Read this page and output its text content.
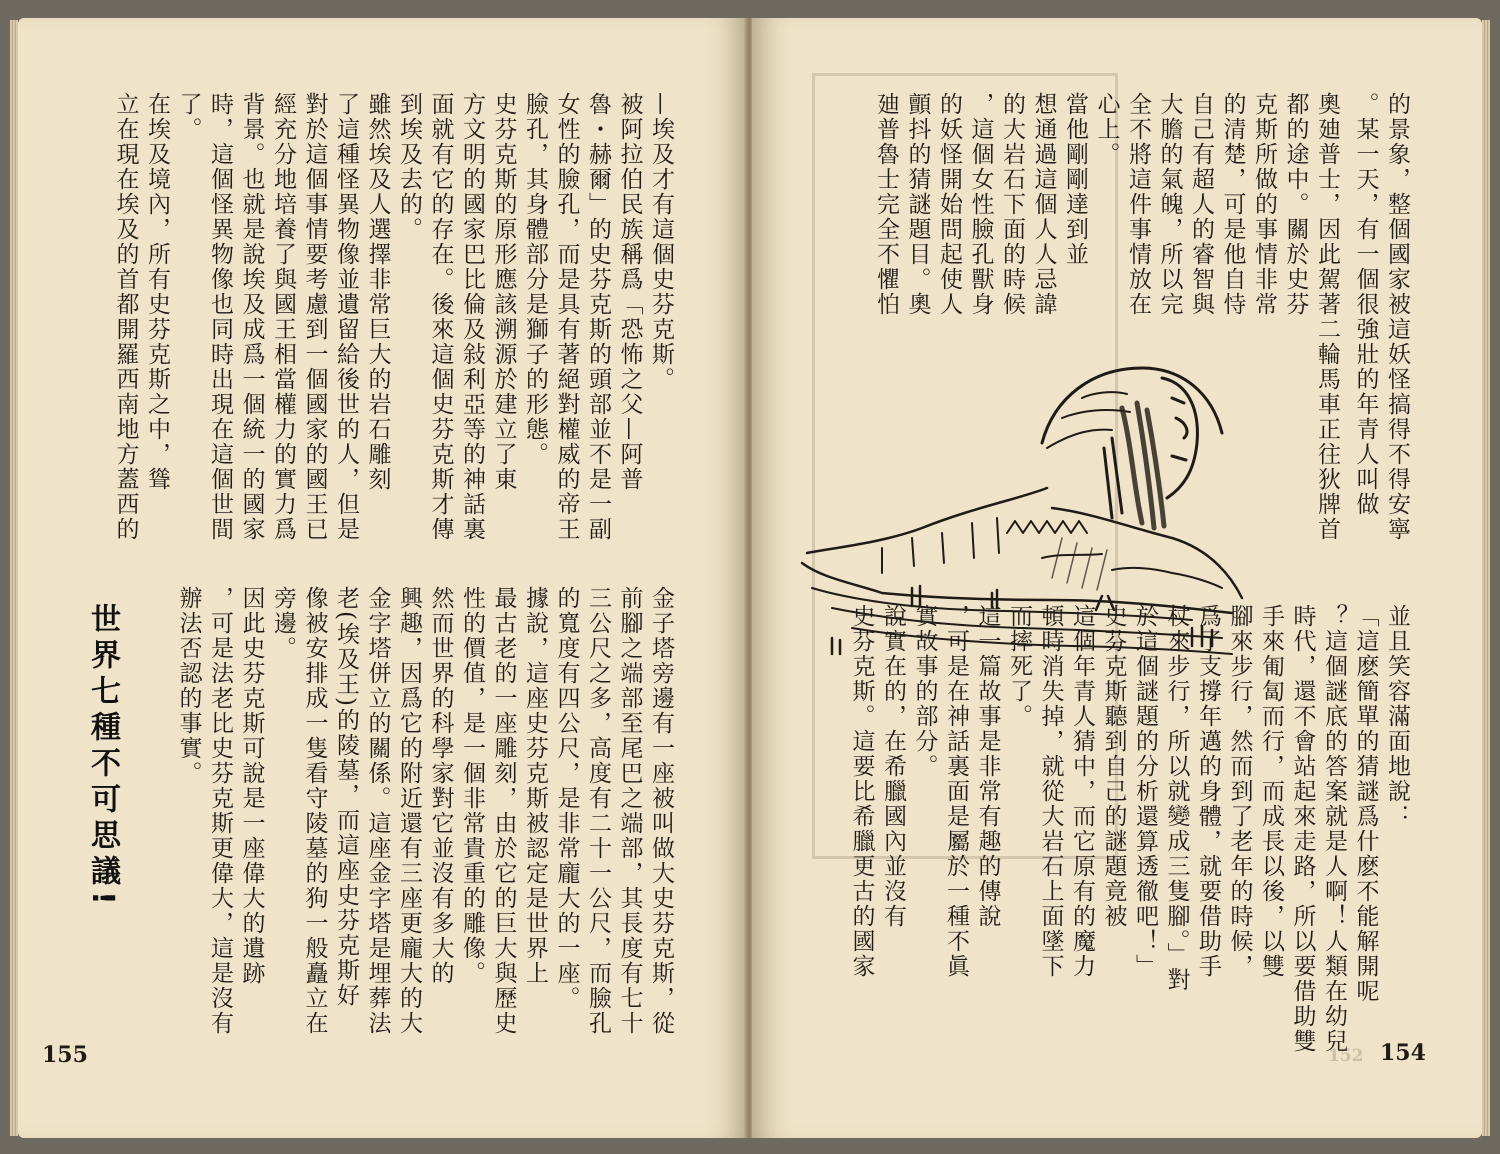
—埃及才有這個史芬克斯。
被阿拉伯民族稱爲「恐怖之父—阿普
魯・赫爾」的史芬克斯的頭部並不是一副
女性的臉孔，而是具有著絕對權威的帝王
臉孔，其身體部分是獅子的形態。
史芬克斯的原形應該溯源於建立了東
方文明的國家巴比倫及敍利亞等的神話裏
面就有它的存在。後來這個史芬克斯才傳
到埃及去的。
雖然埃及人選擇非常巨大的岩石雕刻
了這種怪異物像並遺留給後世的人，但是
對於這個事情要考慮到一個國家的國王已
經充分地培養了與國王相當權力的實力爲
背景。也就是說埃及成爲一個統一的國家
時，這個怪異物像也同時出現在這個世間
了。
在埃及境內，所有史芬克斯之中，聳
立在現在埃及的首都開羅西南地方蓋西的
金子塔旁邊有一座被叫做大史芬克斯，從
前腳之端部至尾巴之端部，其長度有七十
三公尺之多，高度有二十一公尺，而臉孔
的寬度有四公尺，是非常龐大的一座。
據說，這座史芬克斯被認定是世界上
最古老的一座雕刻，由於它的巨大與歷史
性的價值，是一個非常貴重的雕像。
然而世界的科學家對它並沒有多大的
興趣，因爲它的附近還有三座更龐大的大
金字塔併立的關係。這座金字塔是埋葬法
老(埃及王)的陵墓，而這座史芬克斯好
像被安排成一隻看守陵墓的狗一般矗立在
旁邊。
因此史芬克斯可說是一座偉大的遺跡
，可是法老比史芬克斯更偉大，這是沒有
辦法否認的事實。
世界七種不可思議!
155
的景象，整個國家被這妖怪搞得不得安寧
。某一天，有一個很強壯的年青人叫做
奧廸普士，因此駕著二輪馬車正往狄牌首
都的途中。關於史芬
克斯所做的事情非常
的清楚，可是他自恃
自己有超人的睿智與
大膽的氣魄，所以完
全不將這件事情放在
心上。
當他剛剛達到並
想通過這個人人忌諱
的大岩石下面的時候
，這個女性臉孔獸身
的妖怪開始問起使人
顫抖的猜謎題目。奧
廸普魯士完全不懼怕
並且笑容滿面地說：
「這麽簡單的猜謎爲什麽不能解開呢
？這個謎底的答案就是人啊！人類在幼兒
時代，還不會站起來走路，所以要借助雙
手來匍匐而行，而成長以後，以雙
腳來步行，然而到了老年的時候，
爲了支撐年邁的身體，就要借助手
杖來步行，所以就變成三隻腳。」對
於這個謎題的分析還算透徹吧！」
史芬克斯聽到自己的謎題竟被
這個年青人猜中，而它原有的魔力
頓時消失掉，就從大岩石上面墜下
而摔死了。
這一篇故事是非常有趣的傳說
，可是在神話裏面是屬於一種不眞
實故事的部分。
說實在的，在希臘國內並沒有
史芬克斯。這要比希臘更古的國家
154
152
